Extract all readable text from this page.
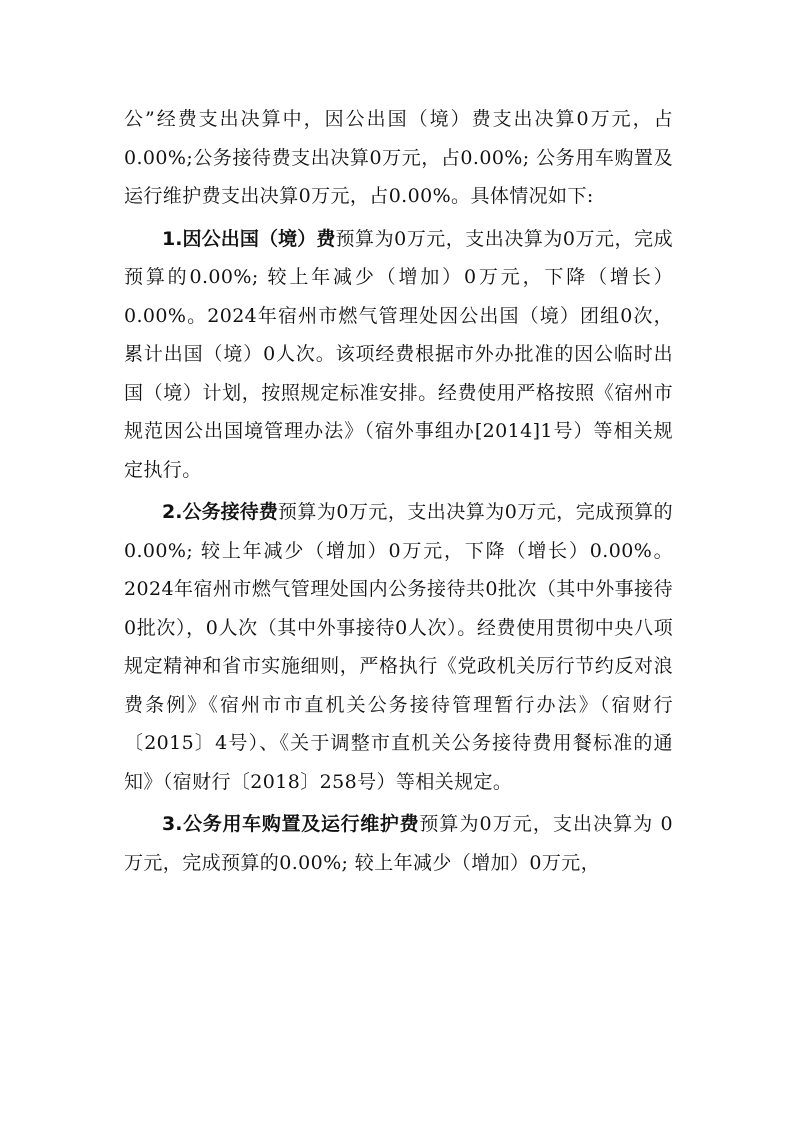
公”经费支出决算中，因公出国（境）费支出决算0万元，占0.00%;公务接待费支出决算0万元，占0.00%; 公务用车购置及运行维护费支出决算0万元，占0.00%。具体情况如下:

1.因公出国（境）费预算为0万元，支出决算为0万元，完成预算的0.00%; 较上年减少（增加）0万元，下降（增长）0.00%。2024年宿州市燃气管理处因公出国（境）团组0次，累计出国（境）0人次。该项经费根据市外办批准的因公临时出国（境）计划，按照规定标准安排。经费使用严格按照《宿州市规范因公出国境管理办法》（宿外事组办[2014]1号）等相关规定执行。

2.公务接待费预算为0万元，支出决算为0万元，完成预算的0.00%; 较上年减少（增加）0万元，下降（增长）0.00%。2024年宿州市燃气管理处国内公务接待共0批次（其中外事接待0批次），0人次（其中外事接待0人次）。经费使用贯彻中央八项规定精神和省市实施细则，严格执行《党政机关厉行节约反对浪费条例》《宿州市市直机关公务接待管理暂行办法》（宿财行〔2015〕4号）、《关于调整市直机关公务接待费用餐标准的通知》（宿财行〔2018〕258号）等相关规定。

3.公务用车购置及运行维护费预算为0万元，支出决算为 0万元，完成预算的0.00%; 较上年减少（增加）0万元，
